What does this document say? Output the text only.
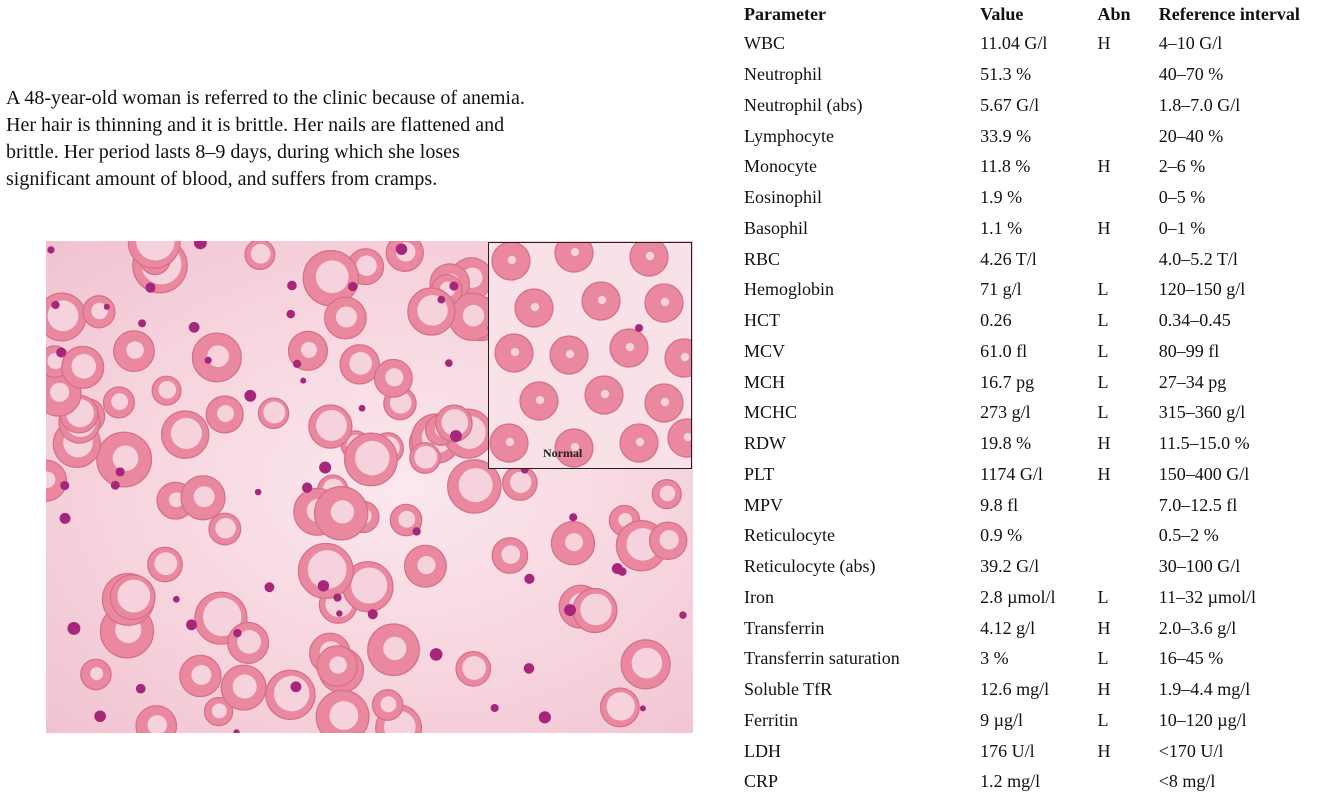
A 48-year-old woman is referred to the clinic because of anemia.
Her hair is thinning and it is brittle. Her nails are flattened and
brittle. Her period lasts 8–9 days, during which she loses
significant amount of blood, and suffers from cramps.
Normal
Parameter	Value	Abn	Reference interval
WBC	11.04 G/l	H	4–10 G/l
Neutrophil	51.3 %		40–70 %
Neutrophil (abs)	5.67 G/l		1.8–7.0 G/l
Lymphocyte	33.9 %		20–40 %
Monocyte	11.8 %	H	2–6 %
Eosinophil	1.9 %		0–5 %
Basophil	1.1 %	H	0–1 %
RBC	4.26 T/l		4.0–5.2 T/l
Hemoglobin	71 g/l	L	120–150 g/l
HCT	0.26	L	0.34–0.45
MCV	61.0 fl	L	80–99 fl
MCH	16.7 pg	L	27–34 pg
MCHC	273 g/l	L	315–360 g/l
RDW	19.8 %	H	11.5–15.0 %
PLT	1174 G/l	H	150–400 G/l
MPV	9.8 fl		7.0–12.5 fl
Reticulocyte	0.9 %		0.5–2 %
Reticulocyte (abs)	39.2 G/l		30–100 G/l
Iron	2.8 µmol/l	L	11–32 µmol/l
Transferrin	4.12 g/l	H	2.0–3.6 g/l
Transferrin saturation	3 %	L	16–45 %
Soluble TfR	12.6 mg/l	H	1.9–4.4 mg/l
Ferritin	9 µg/l	L	10–120 µg/l
LDH	176 U/l	H	<170 U/l
CRP	1.2 mg/l		<8 mg/l
